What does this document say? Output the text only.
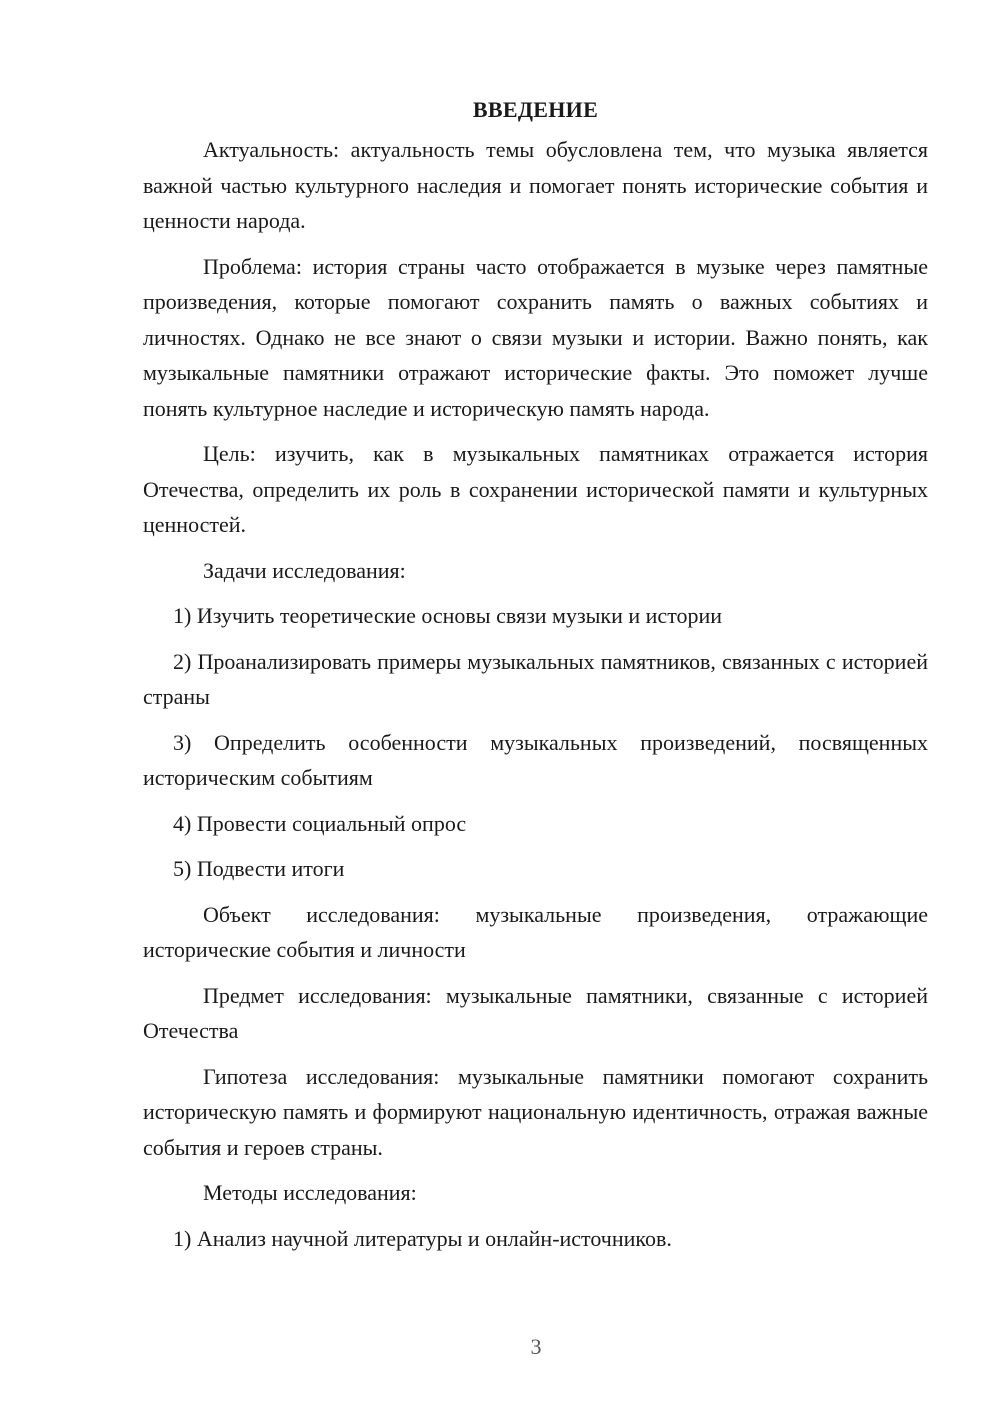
ВВЕДЕНИЕ

Актуальность: актуальность темы обусловлена тем, что музыка является важной частью культурного наследия и помогает понять исторические события и ценности народа.

Проблема: история страны часто отображается в музыке через памятные произведения, которые помогают сохранить память о важных событиях и личностях. Однако не все знают о связи музыки и истории. Важно понять, как музыкальные памятники отражают исторические факты. Это поможет лучше понять культурное наследие и историческую память народа.

Цель: изучить, как в музыкальных памятниках отражается история Отечества, определить их роль в сохранении исторической памяти и культурных ценностей.

Задачи исследования:

1) Изучить теоретические основы связи музыки и истории

2) Проанализировать примеры музыкальных памятников, связанных с историей страны

3) Определить особенности музыкальных произведений, посвященных историческим событиям

4) Провести социальный опрос

5) Подвести итоги

Объект исследования: музыкальные произведения, отражающие исторические события и личности

Предмет исследования: музыкальные памятники, связанные с историей Отечества

Гипотеза исследования: музыкальные памятники помогают сохранить историческую память и формируют национальную идентичность, отражая важные события и героев страны.

Методы исследования:

1) Анализ научной литературы и онлайн-источников.

3
